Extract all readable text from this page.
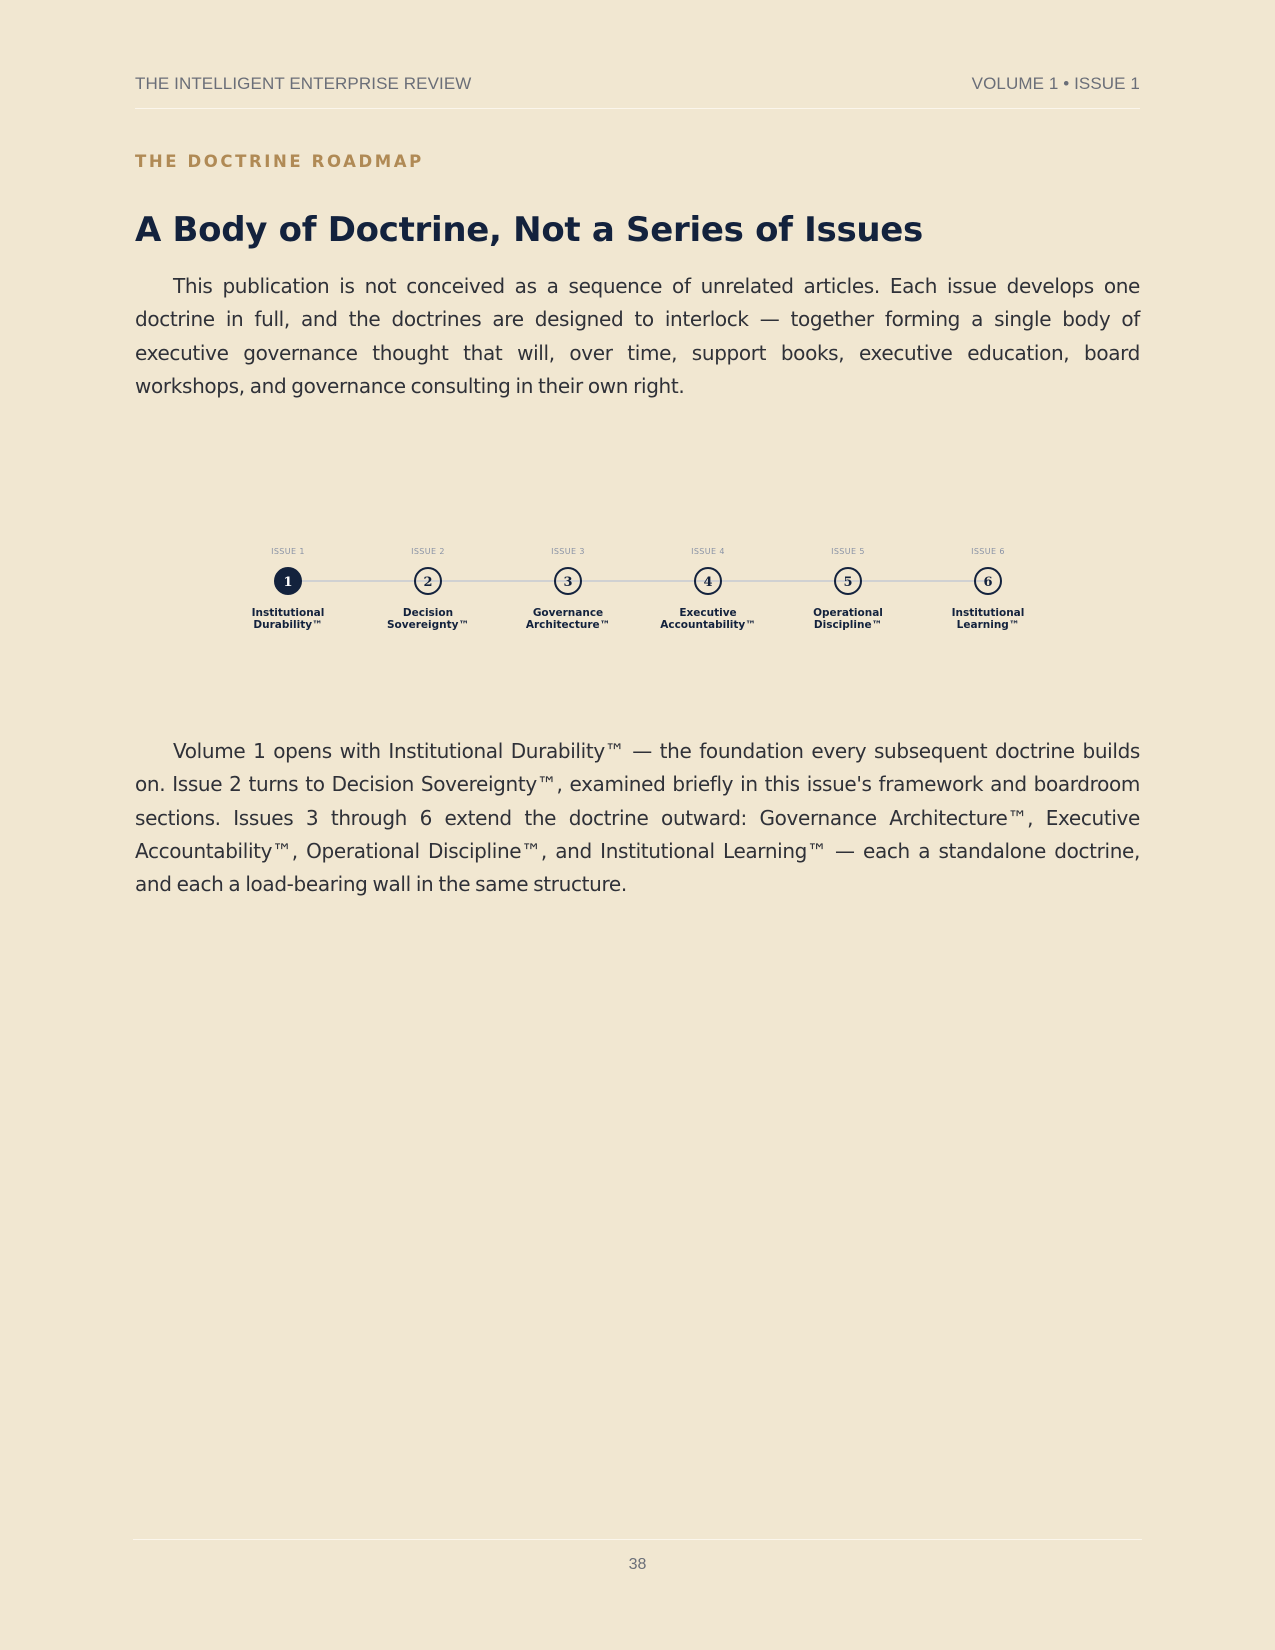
THE INTELLIGENT ENTERPRISE REVIEW	VOLUME 1 • ISSUE 1
THE DOCTRINE ROADMAP
A Body of Doctrine, Not a Series of Issues

This publication is not conceived as a sequence of unrelated articles. Each issue develops one doctrine in full, and the doctrines are designed to interlock — together forming a single body of executive governance thought that will, over time, support books, executive education, board workshops, and governance consulting in their own right.

ISSUE 1
1
Institutional
Durability™
ISSUE 2
2
Decision
Sovereignty™
ISSUE 3
3
Governance
Architecture™
ISSUE 4
4
Executive
Accountability™
ISSUE 5
5
Operational
Discipline™
ISSUE 6
6
Institutional
Learning™

Volume 1 opens with Institutional Durability™ — the foundation every subsequent doctrine builds on. Issue 2 turns to Decision Sovereignty™, examined briefly in this issue's framework and boardroom sections. Issues 3 through 6 extend the doctrine outward: Governance Architecture™, Executive Accountability™, Operational Discipline™, and Institutional Learning™ — each a standalone doctrine, and each a load-bearing wall in the same structure.

38
